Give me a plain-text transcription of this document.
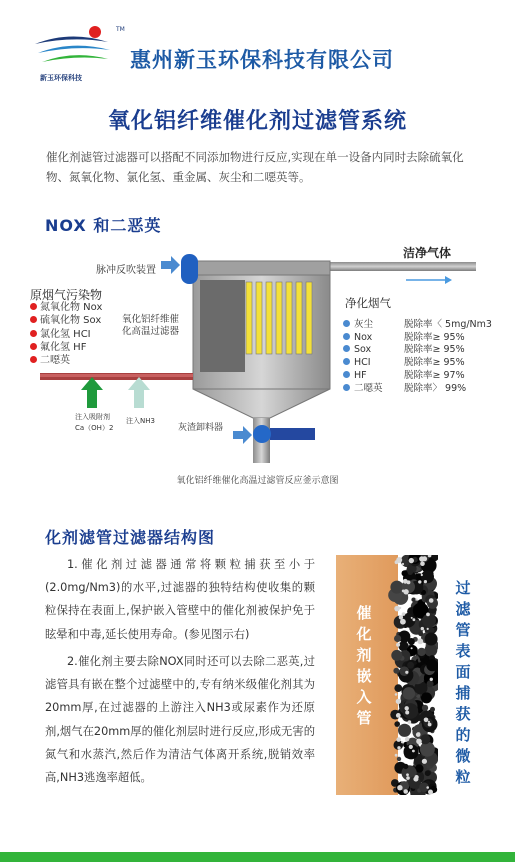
TM
新玉环保科技
惠州新玉环保科技有限公司
氧化铝纤维催化剂过滤管系统
催化剂滤管过滤器可以搭配不同添加物进行反应,实现在单一设备内同时去除硫氧化物、氮氧化物、氯化氢、重金属、灰尘和二噁英等。
NOX 和二恶英
脉冲反吹装置
洁净气体
原烟气污染物
氮氧化物 Nox
硫氧化物 Sox
氯化氢 HCI
氟化氢 HF
二噁英
氧化铝纤维催
化高温过滤器
净化烟气
灰尘	脱除率〈 5mg/Nm3
Nox	脱除率≥ 95%
Sox	脱除率≥ 95%
HCI	脱除率≥ 95%
HF	脱除率≥ 97%
二噁英 脱除率〉 99%
注入吸附剂
Ca（OH）2
注入NH3
灰渣卸料器
氧化铝纤维催化高温过滤管反应釜示意图
化剂滤管过滤器结构图
1.催化剂过滤器通常将颗粒捕获至小于(2.0mg/Nm3)的水平,过滤器的独特结构使收集的颗粒保持在表面上,保护嵌入管壁中的催化剂被保护免于眩晕和中毒,延长使用寿命。(参见图示右)
2.催化剂主要去除NOX同时还可以去除二恶英,过滤管具有嵌在整个过滤壁中的,专有纳米级催化剂其为20mm厚,在过滤器的上游注入NH3或尿素作为还原剂,烟气在20mm厚的催化剂层时进行反应,形成无害的氮气和水蒸汽,然后作为清洁气体离开系统,脱销效率高,NH3逃逸率超低。
催化剂嵌入管
过滤管表面捕获的微粒
